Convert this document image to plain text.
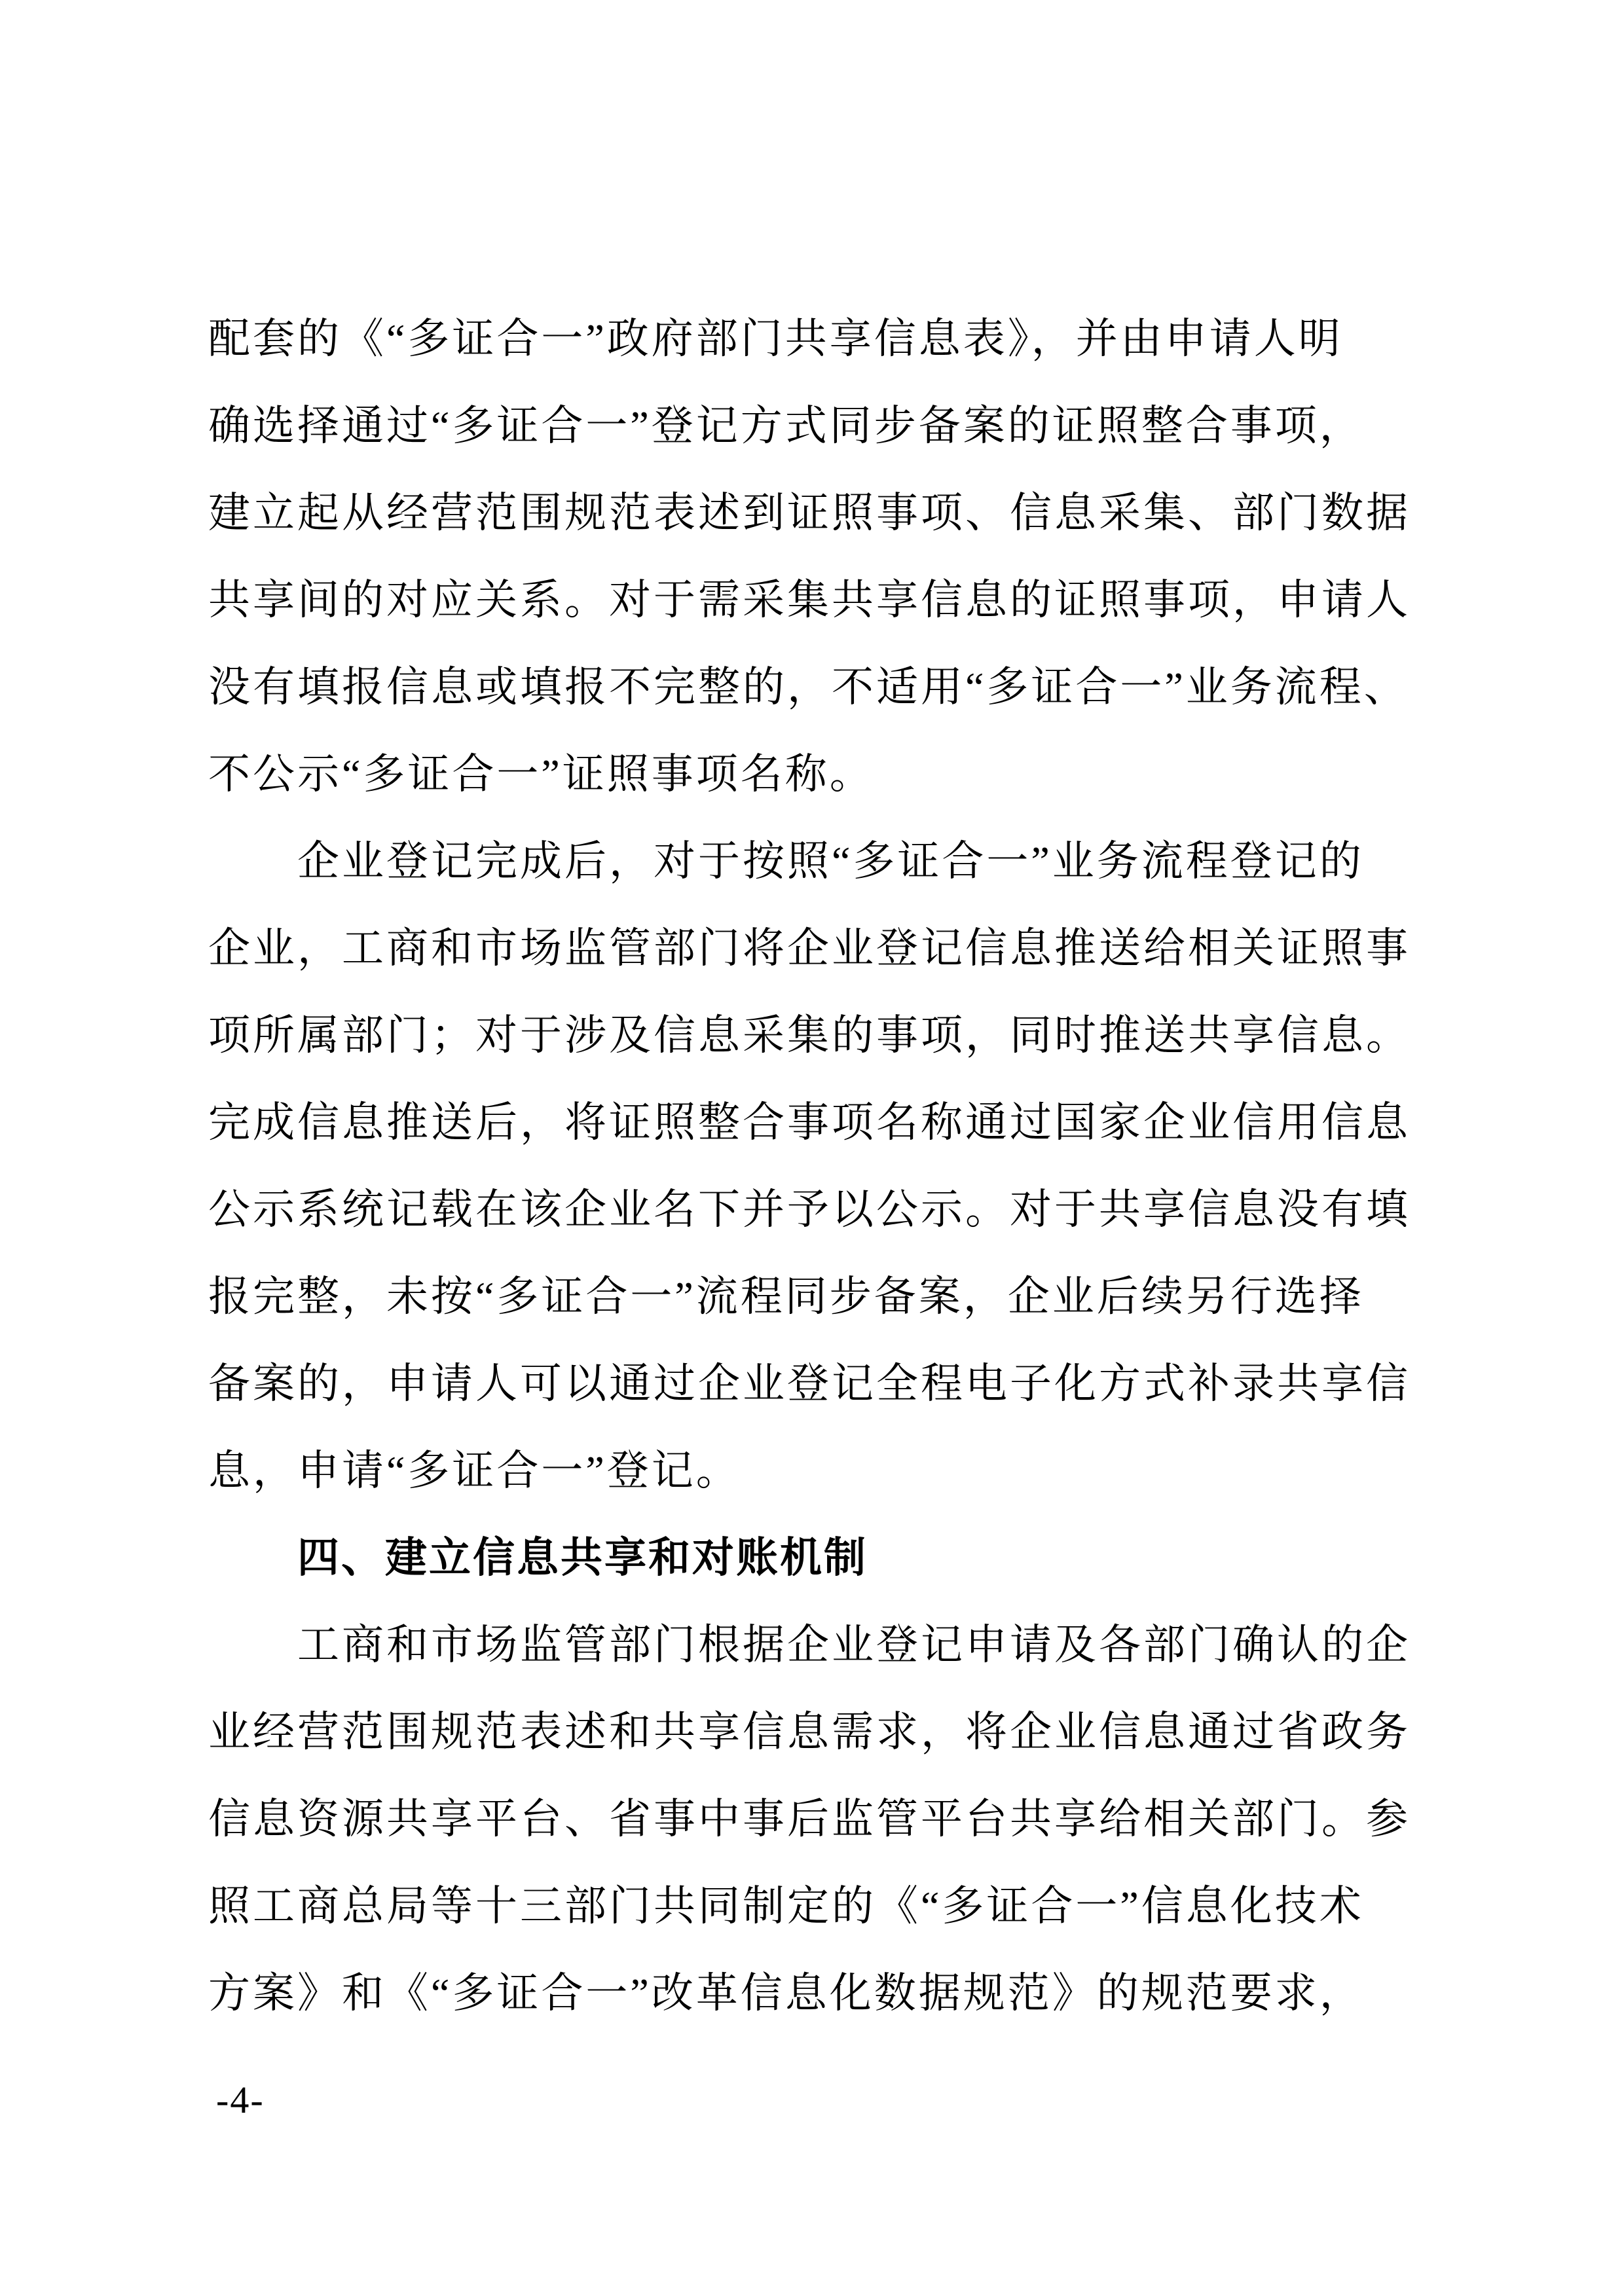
配套的《“多证合一”政府部门共享信息表》，并由申请人明
确选择通过“多证合一”登记方式同步备案的证照整合事项，
建立起从经营范围规范表述到证照事项、信息采集、部门数据
共享间的对应关系。对于需采集共享信息的证照事项，申请人
没有填报信息或填报不完整的，不适用“多证合一”业务流程、
不公示“多证合一”证照事项名称。
企业登记完成后，对于按照“多证合一”业务流程登记的
企业，工商和市场监管部门将企业登记信息推送给相关证照事
项所属部门；对于涉及信息采集的事项，同时推送共享信息。
完成信息推送后，将证照整合事项名称通过国家企业信用信息
公示系统记载在该企业名下并予以公示。对于共享信息没有填
报完整，未按“多证合一”流程同步备案，企业后续另行选择
备案的，申请人可以通过企业登记全程电子化方式补录共享信
息，申请“多证合一”登记。
四、建立信息共享和对账机制
工商和市场监管部门根据企业登记申请及各部门确认的企
业经营范围规范表述和共享信息需求，将企业信息通过省政务
信息资源共享平台、省事中事后监管平台共享给相关部门。参
照工商总局等十三部门共同制定的《“多证合一”信息化技术
方案》和《“多证合一”改革信息化数据规范》的规范要求，
-4-
